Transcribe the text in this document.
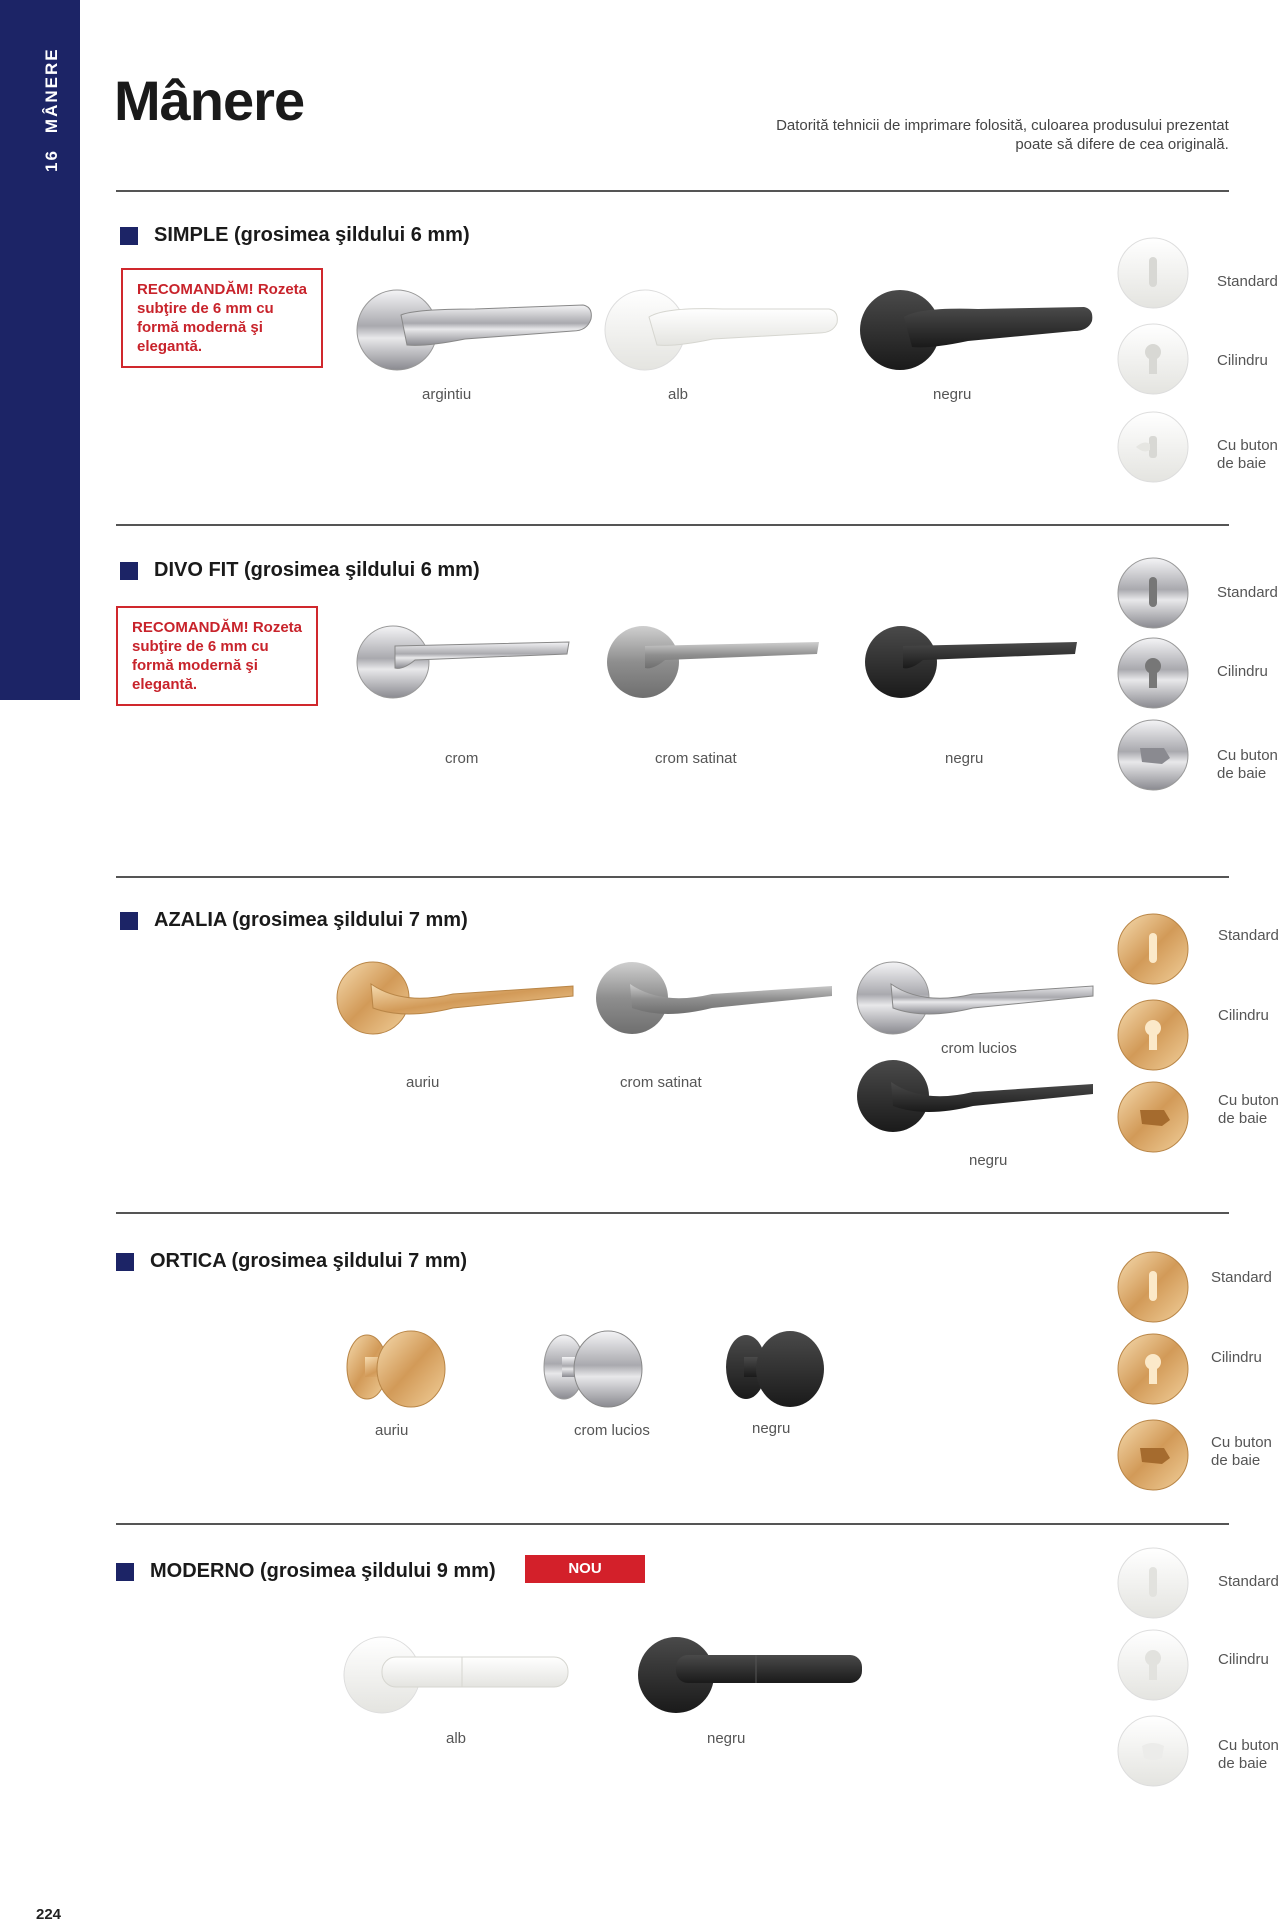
16MÂNERE Mânere	Datorită tehnicii de imprimare folosită, culoarea produsului prezentat poate să difere de cea originală.
SIMPLE (grosimea şildului 6 mm)
RECOMANDĂM! Rozeta subţire de 6 mm cu formă modernă şi elegantă.
argintiu	alb	negru
Standard
Cilindru
Cu buton de baie
DIVO FIT (grosimea şildului 6 mm)
RECOMANDĂM! Rozeta subţire de 6 mm cu formă modernă şi elegantă.
crom	crom satinat	negru
Standard
Cilindru
Cu buton de baie
AZALIA (grosimea şildului 7 mm)
auriu	crom satinat
crom lucios
negru
Standard
Cilindru
Cu buton de baie
ORTICA (grosimea şildului 7 mm)
auriu	crom lucios	negru
Standard
Cilindru
Cu buton de baie
MODERNO (grosimea şildului 9 mm)	NOU
alb	negru
Standard
Cilindru
Cu buton de baie
224
